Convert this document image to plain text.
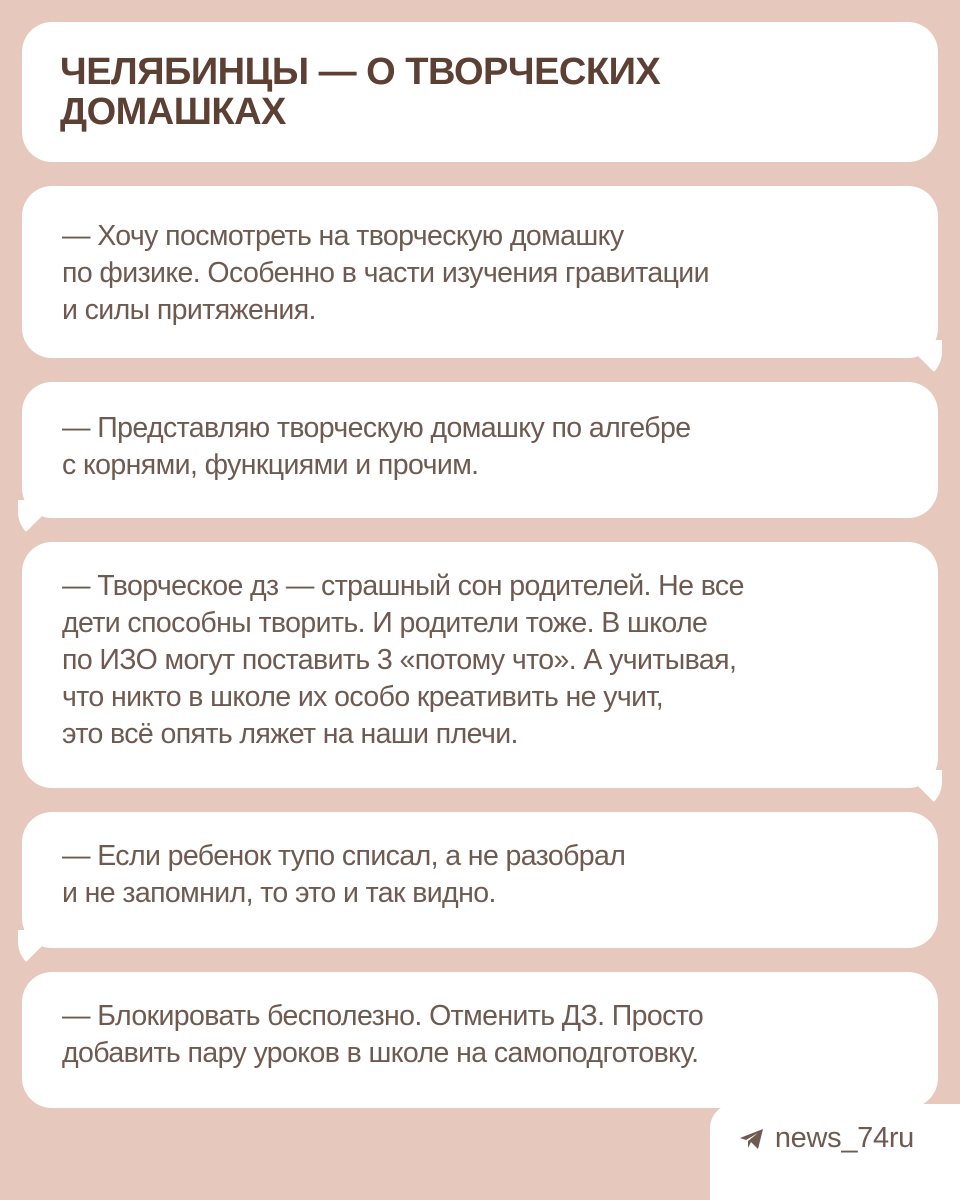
ЧЕЛЯБИНЦЫ — О ТВОРЧЕСКИХ
ДОМАШКАХ

— Хочу посмотреть на творческую домашку
по физике. Особенно в части изучения гравитации
и силы притяжения.

— Представляю творческую домашку по алгебре
с корнями, функциями и прочим.

— Творческое дз — страшный сон родителей. Не все
дети способны творить. И родители тоже. В школе
по ИЗО могут поставить 3 «потому что». А учитывая,
что никто в школе их особо креативить не учит,
это всё опять ляжет на наши плечи.

— Если ребенок тупо списал, а не разобрал
и не запомнил, то это и так видно.

— Блокировать бесполезно. Отменить ДЗ. Просто
добавить пару уроков в школе на самоподготовку.

news_74ru
